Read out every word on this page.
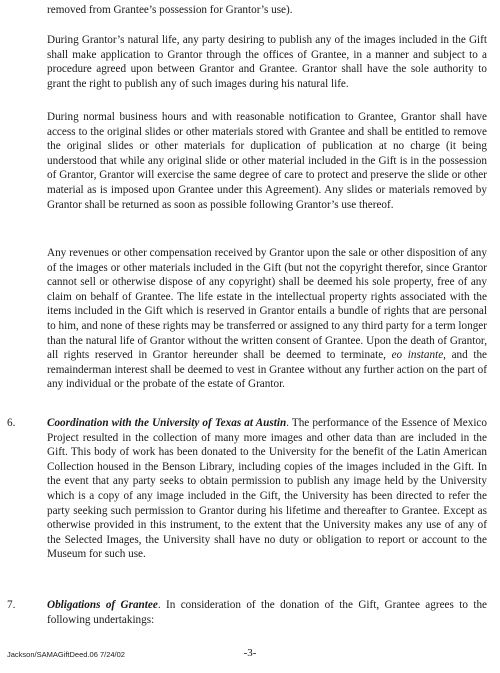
removed from Grantee’s possession for Grantor’s use).
During Grantor’s natural life, any party desiring to publish any of the images included in the Gift shall make application to Grantor through the offices of Grantee, in a manner and subject to a procedure agreed upon between Grantor and Grantee. Grantor shall have the sole authority to grant the right to publish any of such images during his natural life.
During normal business hours and with reasonable notification to Grantee, Grantor shall have access to the original slides or other materials stored with Grantee and shall be entitled to remove the original slides or other materials for duplication of publication at no charge (it being understood that while any original slide or other material included in the Gift is in the possession of Grantor, Grantor will exercise the same degree of care to protect and preserve the slide or other material as is imposed upon Grantee under this Agreement). Any slides or materials removed by Grantor shall be returned as soon as possible following Grantor’s use thereof.
Any revenues or other compensation received by Grantor upon the sale or other disposition of any of the images or other materials included in the Gift (but not the copyright therefor, since Grantor cannot sell or otherwise dispose of any copyright) shall be deemed his sole property, free of any claim on behalf of Grantee. The life estate in the intellectual property rights associated with the items included in the Gift which is reserved in Grantor entails a bundle of rights that are personal to him, and none of these rights may be transferred or assigned to any third party for a term longer than the natural life of Grantor without the written consent of Grantee. Upon the death of Grantor, all rights reserved in Grantor hereunder shall be deemed to terminate, eo instante, and the remainderman interest shall be deemed to vest in Grantee without any further action on the part of any individual or the probate of the estate of Grantor.
6.	Coordination with the University of Texas at Austin. The performance of the Essence of Mexico Project resulted in the collection of many more images and other data than are included in the Gift. This body of work has been donated to the University for the benefit of the Latin American Collection housed in the Benson Library, including copies of the images included in the Gift. In the event that any party seeks to obtain permission to publish any image held by the University which is a copy of any image included in the Gift, the University has been directed to refer the party seeking such permission to Grantor during his lifetime and thereafter to Grantee. Except as otherwise provided in this instrument, to the extent that the University makes any use of any of the Selected Images, the University shall have no duty or obligation to report or account to the Museum for such use.
7.	Obligations of Grantee. In consideration of the donation of the Gift, Grantee agrees to the following undertakings:
Jackson/SAMAGiftDeed.06 7/24/02	-3-
